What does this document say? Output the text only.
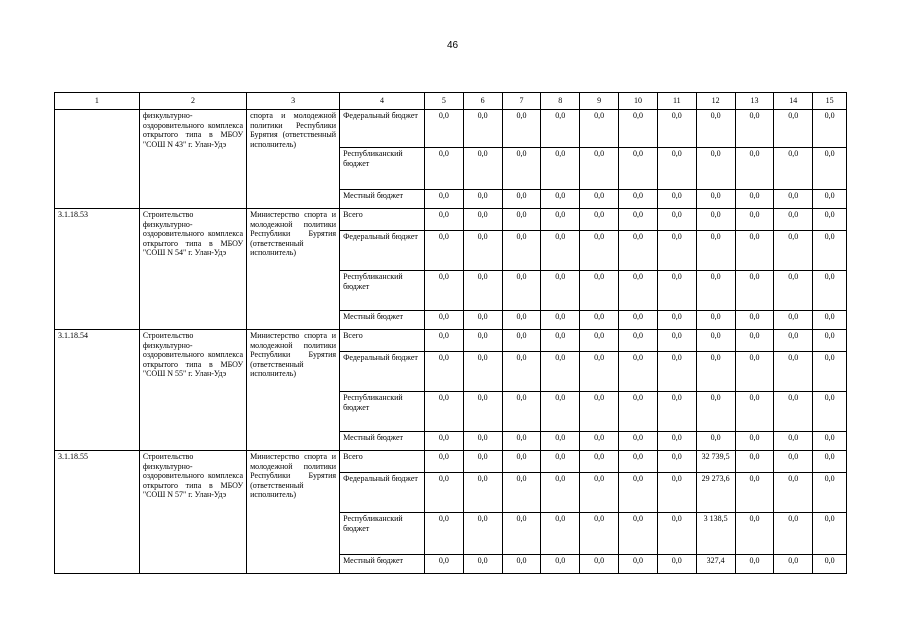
46
1	2	3	4	5	6	7	8	9	10	11	12	13	14	15
	физкультурно-оздоровительного комплекса открытого типа в МБОУ "СОШ N 43" г. Улан-Удэ	спорта и молодежной политики Республики Бурятия (ответственный исполнитель)	Федеральный бюджет	0,0	0,0	0,0	0,0	0,0	0,0	0,0	0,0	0,0	0,0	0,0
			Республиканский бюджет	0,0	0,0	0,0	0,0	0,0	0,0	0,0	0,0	0,0	0,0	0,0
			Местный бюджет	0,0	0,0	0,0	0,0	0,0	0,0	0,0	0,0	0,0	0,0	0,0
3.1.18.53	Строительство физкультурно-оздоровительного комплекса открытого типа в МБОУ "СОШ N 54" г. Улан-Удэ	Министерство спорта и молодежной политики Республики Бурятия (ответственный исполнитель)	Всего	0,0	0,0	0,0	0,0	0,0	0,0	0,0	0,0	0,0	0,0	0,0
			Федеральный бюджет	0,0	0,0	0,0	0,0	0,0	0,0	0,0	0,0	0,0	0,0	0,0
			Республиканский бюджет	0,0	0,0	0,0	0,0	0,0	0,0	0,0	0,0	0,0	0,0	0,0
			Местный бюджет	0,0	0,0	0,0	0,0	0,0	0,0	0,0	0,0	0,0	0,0	0,0
3.1.18.54	Строительство физкультурно-оздоровительного комплекса открытого типа в МБОУ "СОШ N 55" г. Улан-Удэ	Министерство спорта и молодежной политики Республики Бурятия (ответственный исполнитель)	Всего	0,0	0,0	0,0	0,0	0,0	0,0	0,0	0,0	0,0	0,0	0,0
			Федеральный бюджет	0,0	0,0	0,0	0,0	0,0	0,0	0,0	0,0	0,0	0,0	0,0
			Республиканский бюджет	0,0	0,0	0,0	0,0	0,0	0,0	0,0	0,0	0,0	0,0	0,0
			Местный бюджет	0,0	0,0	0,0	0,0	0,0	0,0	0,0	0,0	0,0	0,0	0,0
3.1.18.55	Строительство физкультурно-оздоровительного комплекса открытого типа в МБОУ "СОШ N 57" г. Улан-Удэ	Министерство спорта и молодежной политики Республики Бурятия (ответственный исполнитель)	Всего	0,0	0,0	0,0	0,0	0,0	0,0	0,0	32 739,5	0,0	0,0	0,0
			Федеральный бюджет	0,0	0,0	0,0	0,0	0,0	0,0	0,0	29 273,6	0,0	0,0	0,0
			Республиканский бюджет	0,0	0,0	0,0	0,0	0,0	0,0	0,0	3 138,5	0,0	0,0	0,0
			Местный бюджет	0,0	0,0	0,0	0,0	0,0	0,0	0,0	327,4	0,0	0,0	0,0
